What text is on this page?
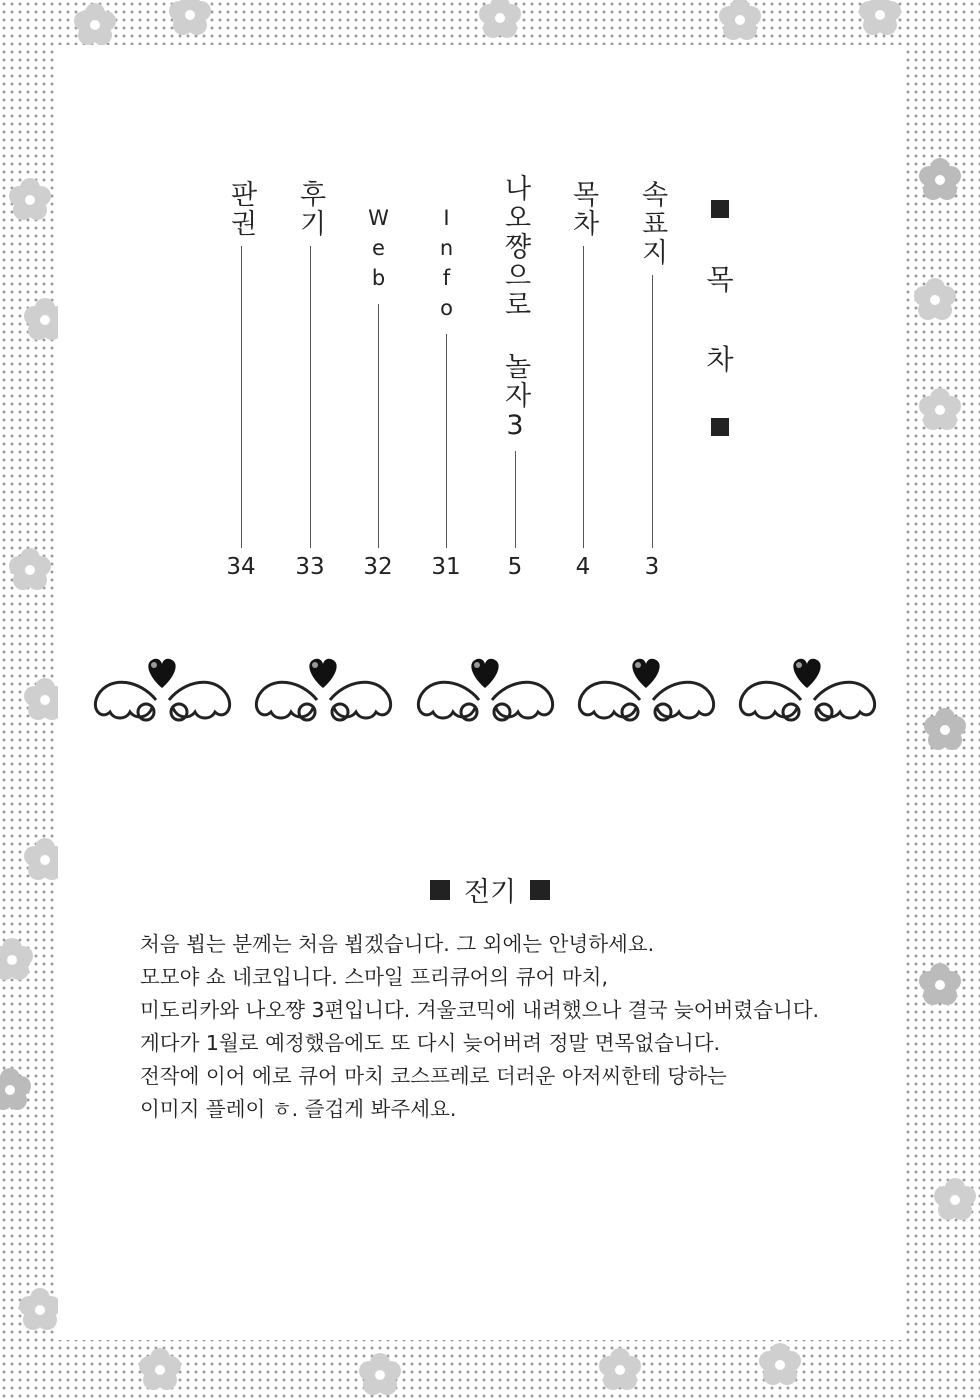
속표지
3
목차
4
나오쨩으로 놀자3
5
Info
31
Web
32
후기
33
판권
34
목
차
전기

처음 뵙는 분께는 처음 뵙겠습니다. 그 외에는 안녕하세요.

모모야 쇼 네코입니다. 스마일 프리큐어의 큐어 마치,

미도리카와 나오쨩 3편입니다. 겨울코믹에 내려했으나 결국 늦어버렸습니다.

게다가 1월로 예정했음에도 또 다시 늦어버려 정말 면목없습니다.

전작에 이어 에로 큐어 마치 코스프레로 더러운 아저씨한테 당하는

이미지 플레이 ㅎ. 즐겁게 봐주세요.
